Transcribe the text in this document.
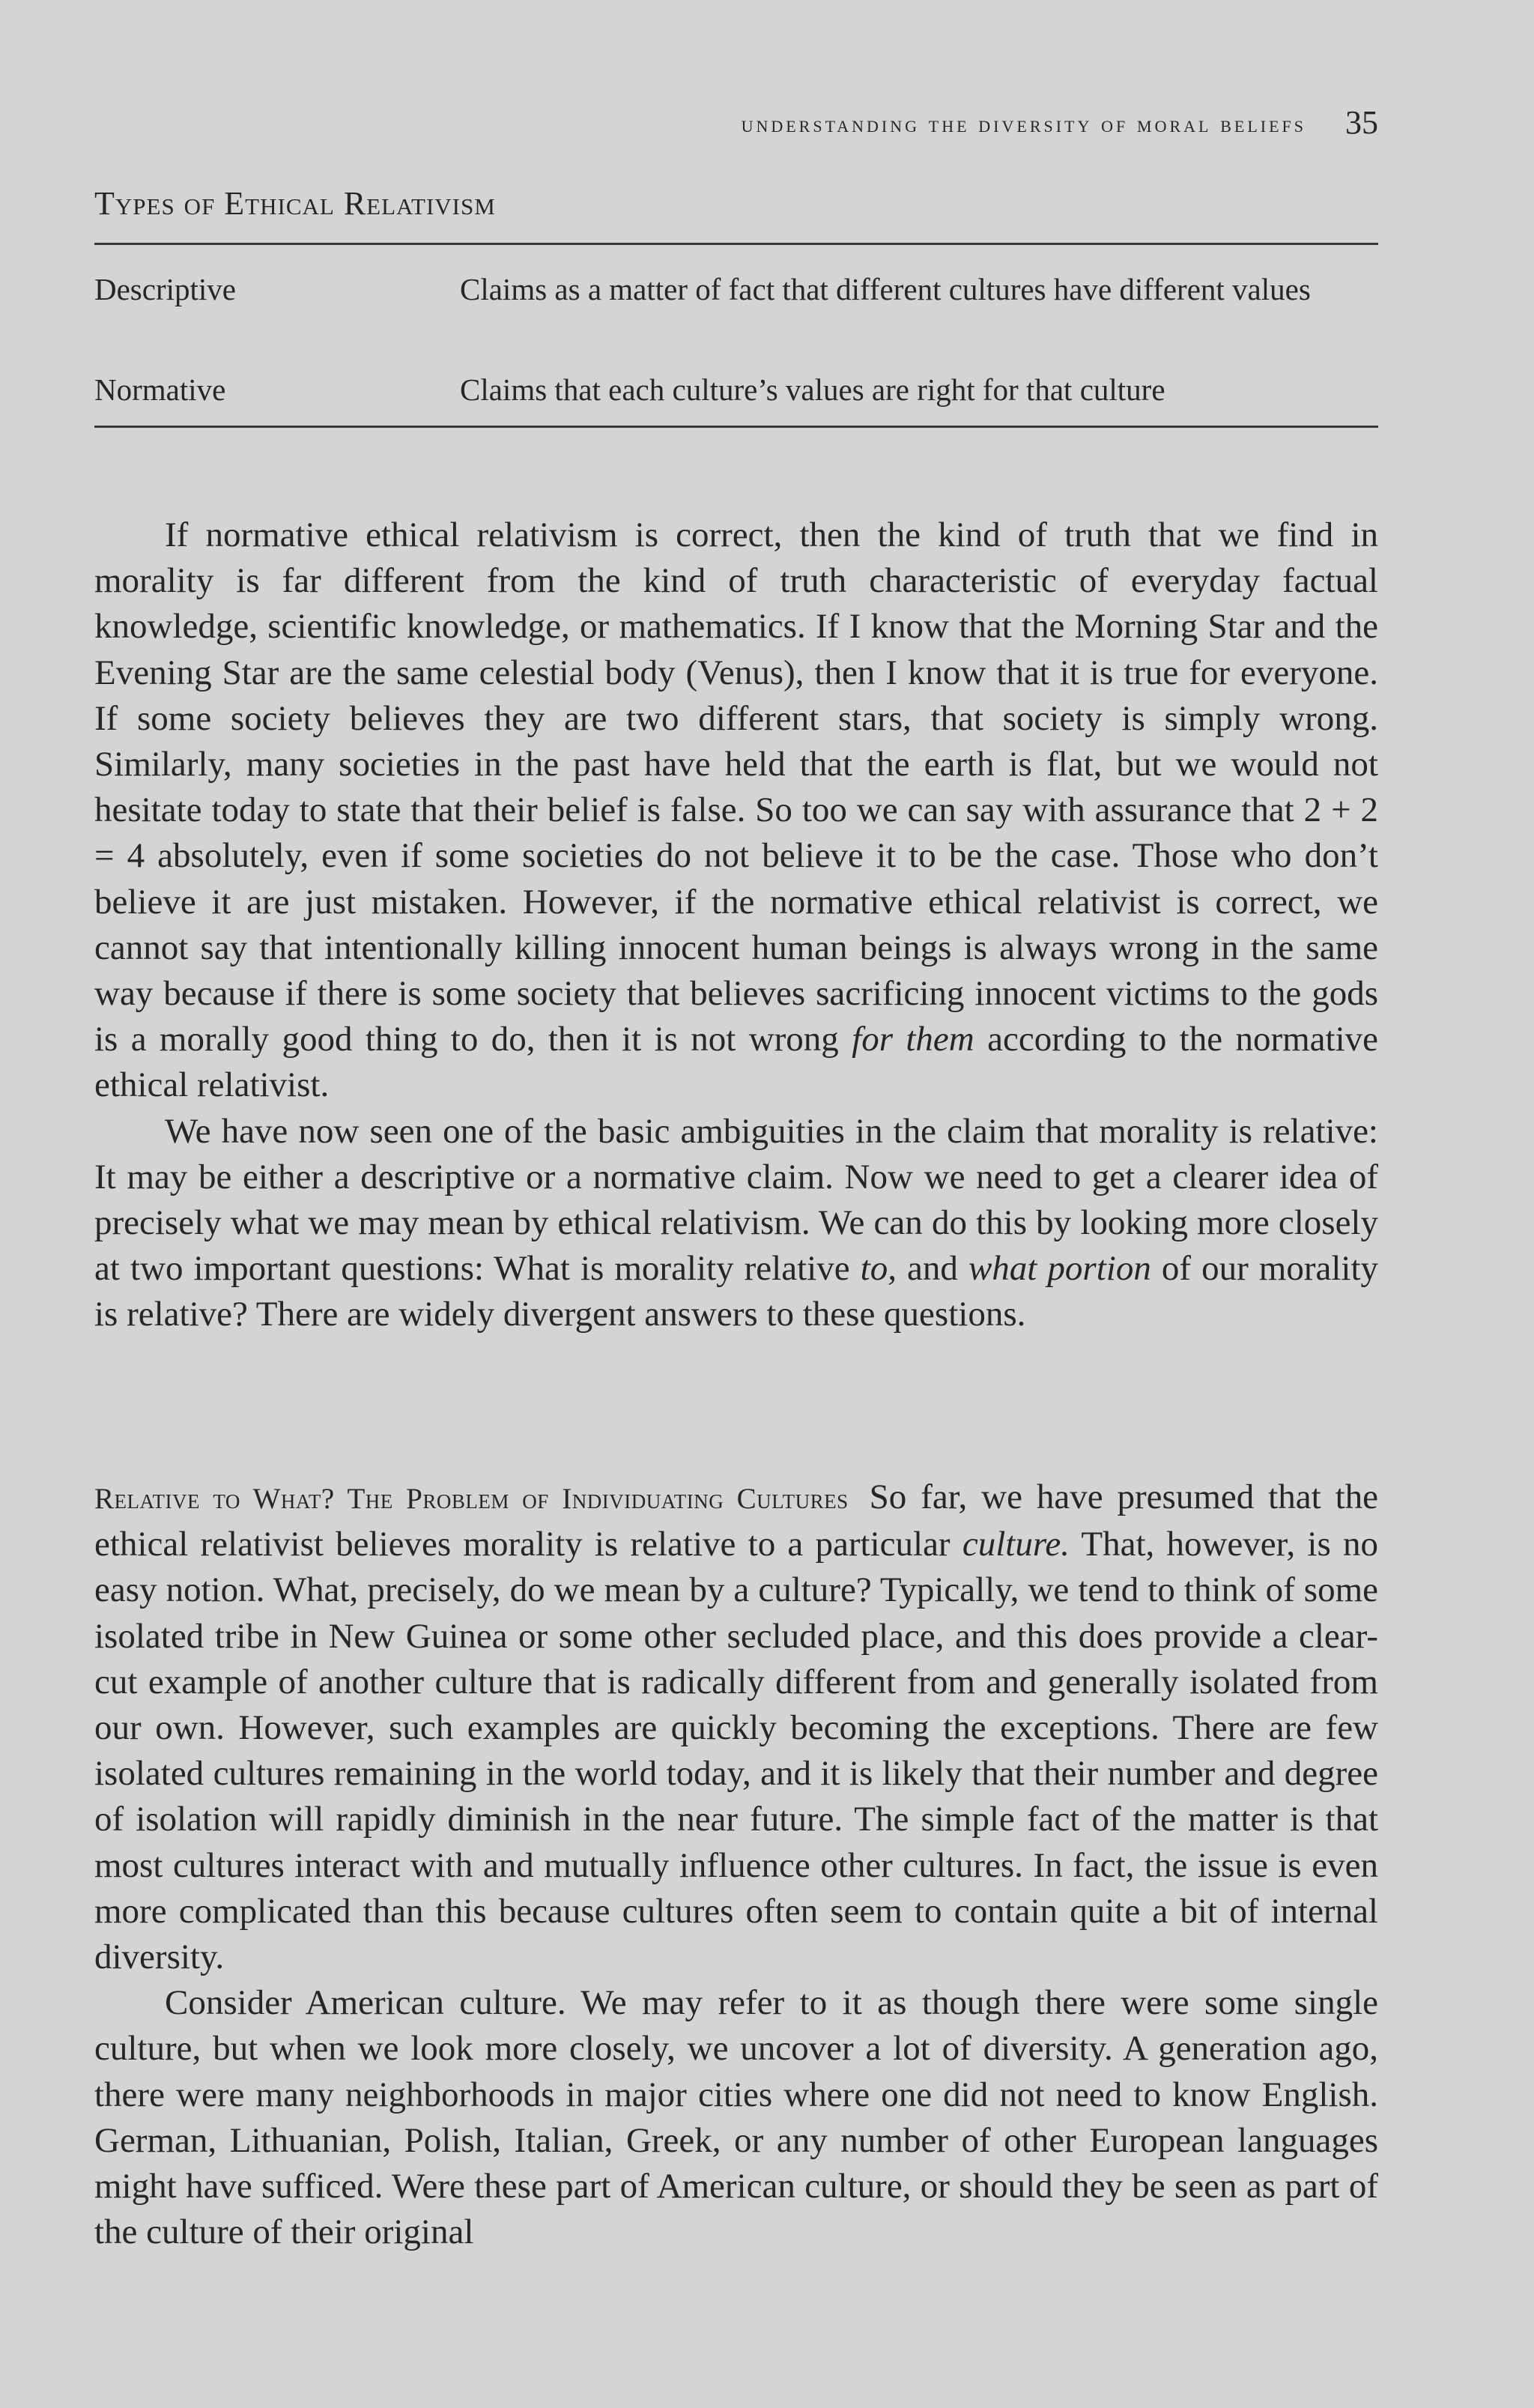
understanding the diversity of moral beliefs 35
Types of Ethical Relativism
Descriptive	Claims as a matter of fact that different cultures have different values
Normative	Claims that each culture’s values are right for that culture

If normative ethical relativism is correct, then the kind of truth that we find in morality is far different from the kind of truth characteristic of everyday factual knowledge, scientific knowledge, or mathematics. If I know that the Morning Star and the Evening Star are the same celestial body (Venus), then I know that it is true for everyone. If some society believes they are two different stars, that society is simply wrong. Similarly, many societies in the past have held that the earth is flat, but we would not hesitate today to state that their belief is false. So too we can say with assurance that 2 + 2 = 4 absolutely, even if some societies do not believe it to be the case. Those who don’t believe it are just mistaken. However, if the normative ethical relativist is correct, we cannot say that intentionally killing innocent human beings is always wrong in the same way because if there is some society that believes sacrificing innocent victims to the gods is a morally good thing to do, then it is not wrong for them according to the normative ethical relativist.

We have now seen one of the basic ambiguities in the claim that morality is relative: It may be either a descriptive or a normative claim. Now we need to get a clearer idea of precisely what we may mean by ethical relativism. We can do this by looking more closely at two important questions: What is morality relative to, and what portion of our morality is relative? There are widely divergent answers to these questions.

Relative to What? The Problem of Individuating Cultures So far, we have presumed that the ethical relativist believes morality is relative to a particular culture. That, however, is no easy notion. What, precisely, do we mean by a culture? Typically, we tend to think of some isolated tribe in New Guinea or some other secluded place, and this does provide a clear-cut example of another culture that is radically different from and generally isolated from our own. However, such examples are quickly becoming the exceptions. There are few isolated cultures remaining in the world today, and it is likely that their number and degree of isolation will rapidly diminish in the near future. The simple fact of the matter is that most cultures interact with and mutually influence other cultures. In fact, the issue is even more complicated than this because cultures often seem to contain quite a bit of internal diversity.

Consider American culture. We may refer to it as though there were some single culture, but when we look more closely, we uncover a lot of diversity. A generation ago, there were many neighborhoods in major cities where one did not need to know English. German, Lithuanian, Polish, Italian, Greek, or any number of other European languages might have sufficed. Were these part of American culture, or should they be seen as part of the culture of their original
